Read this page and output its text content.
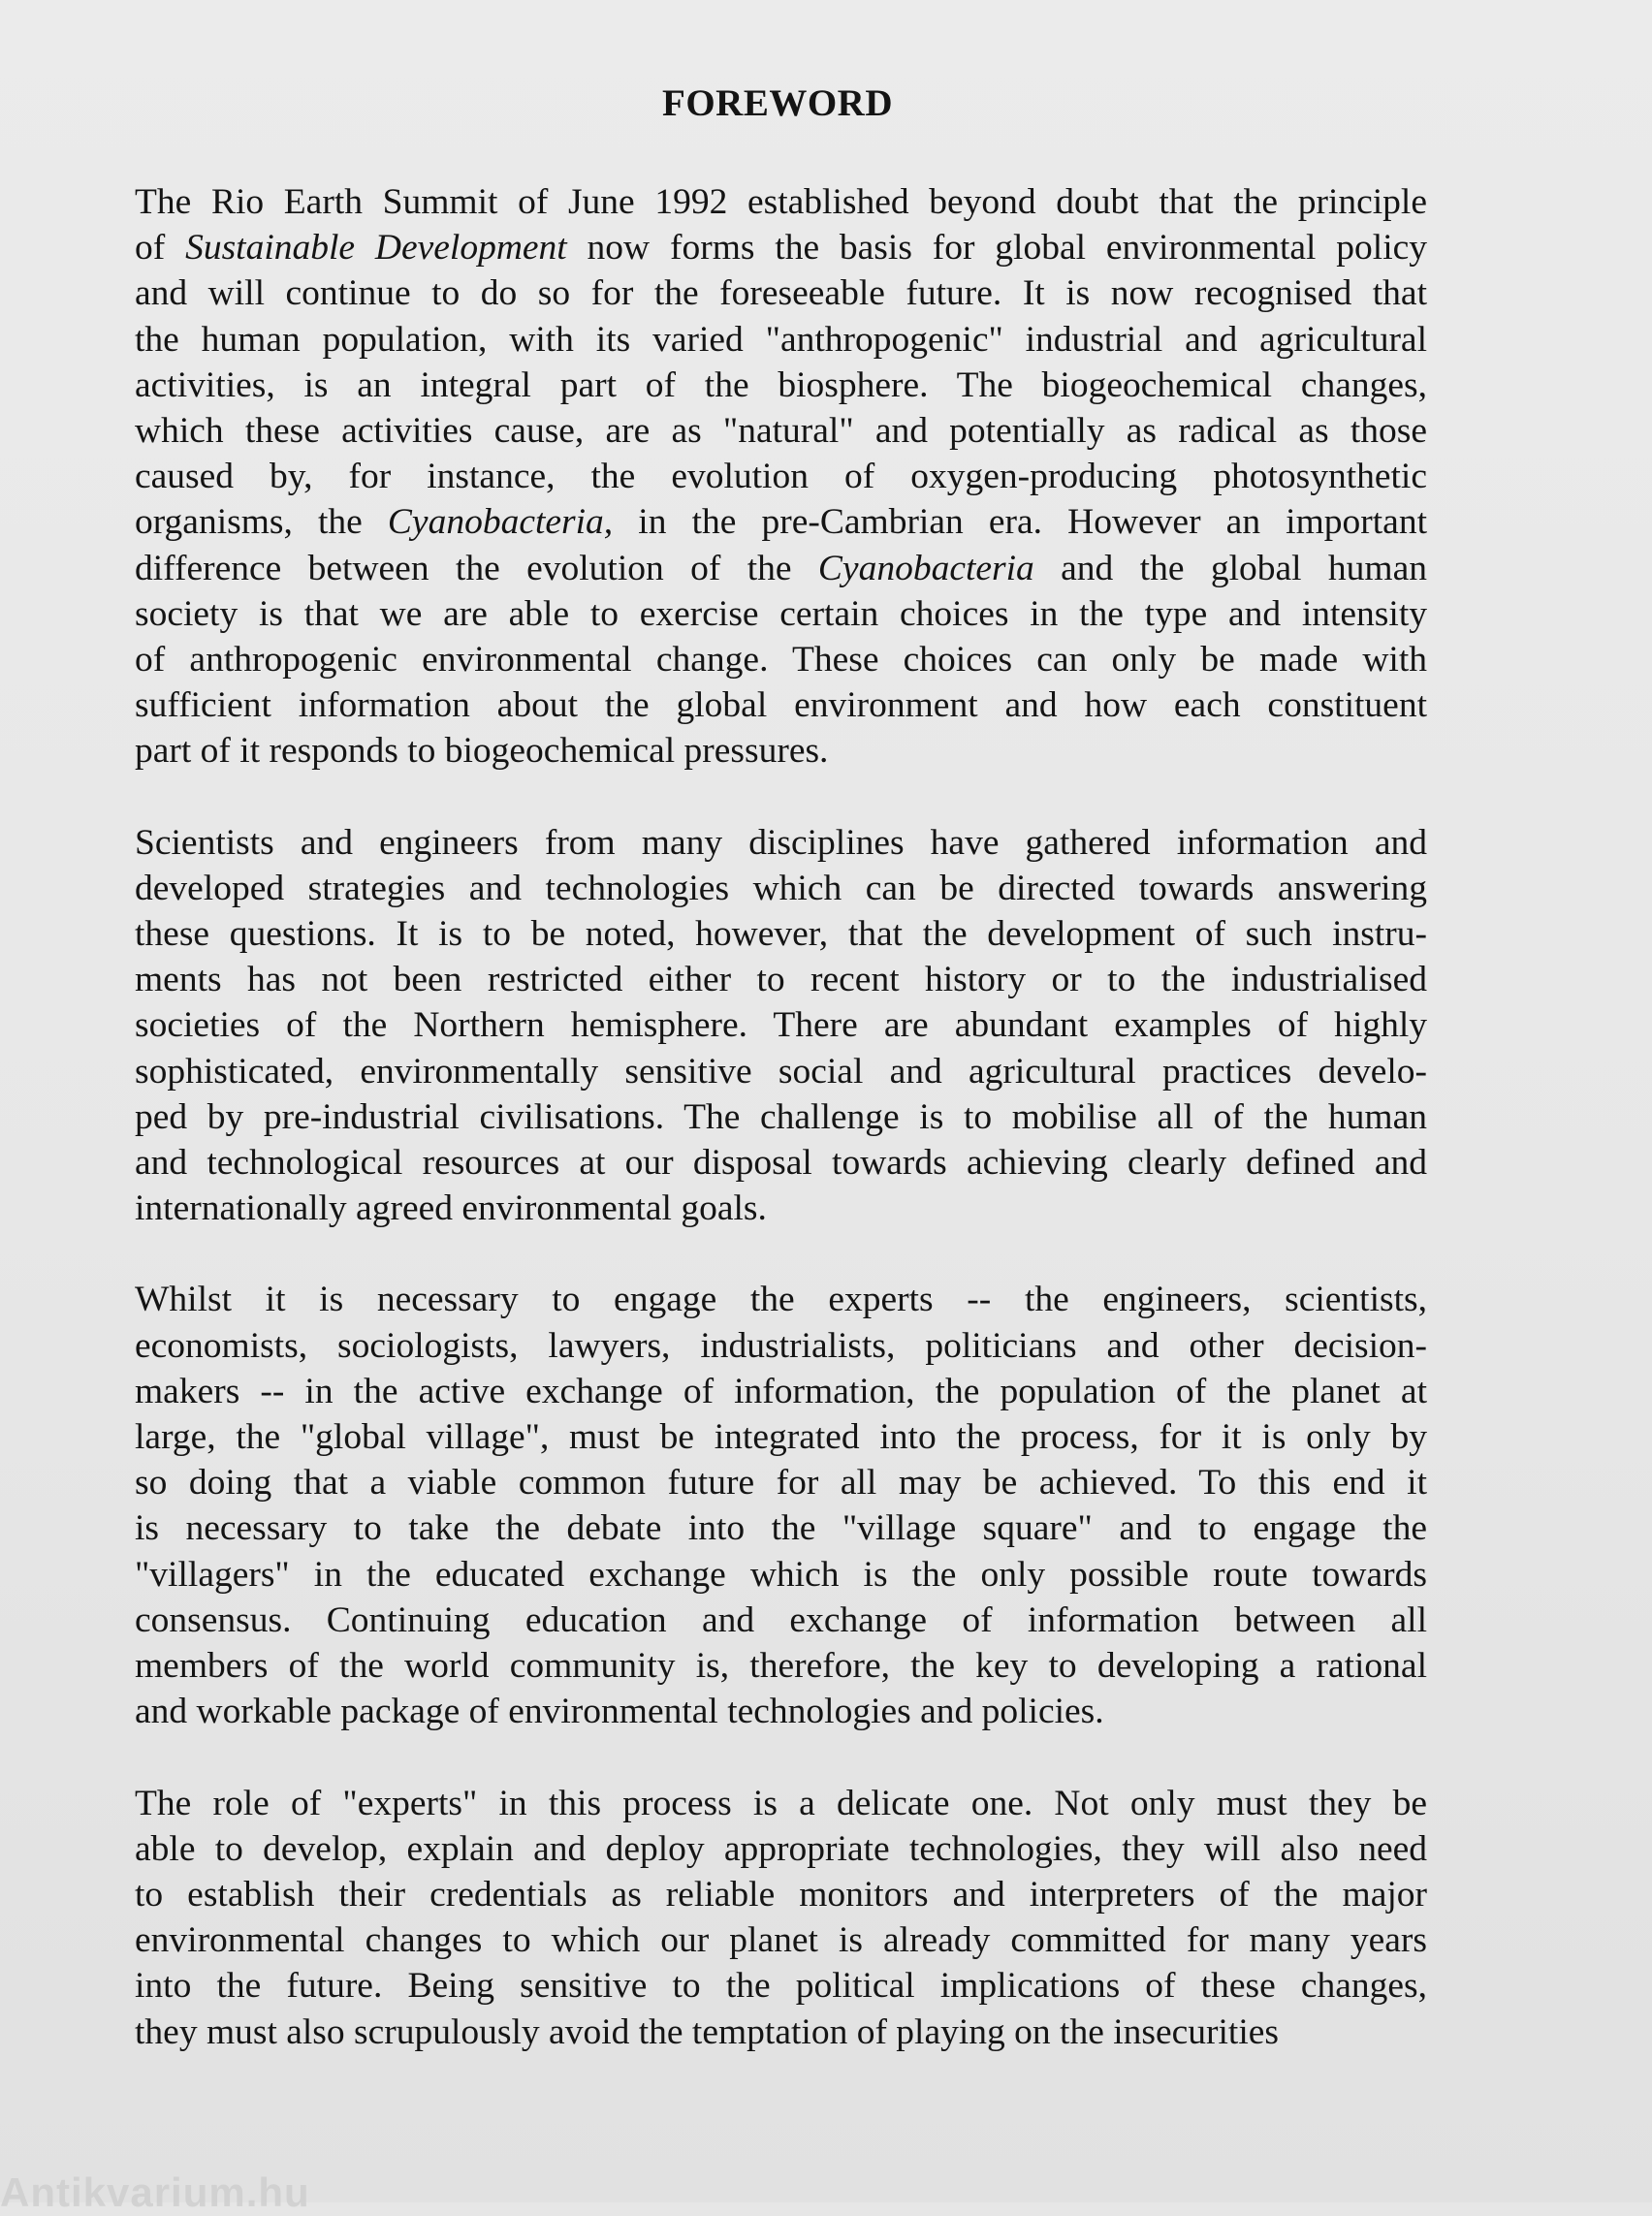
FOREWORD

The Rio Earth Summit of June 1992 established beyond doubt that the principle
of Sustainable Development now forms the basis for global environmental policy
and will continue to do so for the foreseeable future. It is now recognised that
the human population, with its varied "anthropogenic" industrial and agricultural
activities, is an integral part of the biosphere. The biogeochemical changes,
which these activities cause, are as "natural" and potentially as radical as those
caused by, for instance, the evolution of oxygen-producing photosynthetic
organisms, the Cyanobacteria, in the pre-Cambrian era. However an important
difference between the evolution of the Cyanobacteria and the global human
society is that we are able to exercise certain choices in the type and intensity
of anthropogenic environmental change. These choices can only be made with
sufficient information about the global environment and how each constituent
part of it responds to biogeochemical pressures.

Scientists and engineers from many disciplines have gathered information and
developed strategies and technologies which can be directed towards answering
these questions. It is to be noted, however, that the development of such instru-
ments has not been restricted either to recent history or to the industrialised
societies of the Northern hemisphere. There are abundant examples of highly
sophisticated, environmentally sensitive social and agricultural practices develo-
ped by pre-industrial civilisations. The challenge is to mobilise all of the human
and technological resources at our disposal towards achieving clearly defined and
internationally agreed environmental goals.

Whilst it is necessary to engage the experts -- the engineers, scientists,
economists, sociologists, lawyers, industrialists, politicians and other decision-
makers -- in the active exchange of information, the population of the planet at
large, the "global village", must be integrated into the process, for it is only by
so doing that a viable common future for all may be achieved. To this end it
is necessary to take the debate into the "village square" and to engage the
"villagers" in the educated exchange which is the only possible route towards
consensus. Continuing education and exchange of information between all
members of the world community is, therefore, the key to developing a rational
and workable package of environmental technologies and policies.

The role of "experts" in this process is a delicate one. Not only must they be
able to develop, explain and deploy appropriate technologies, they will also need
to establish their credentials as reliable monitors and interpreters of the major
environmental changes to which our planet is already committed for many years
into the future. Being sensitive to the political implications of these changes,
they must also scrupulously avoid the temptation of playing on the insecurities

Antikvarium.hu
